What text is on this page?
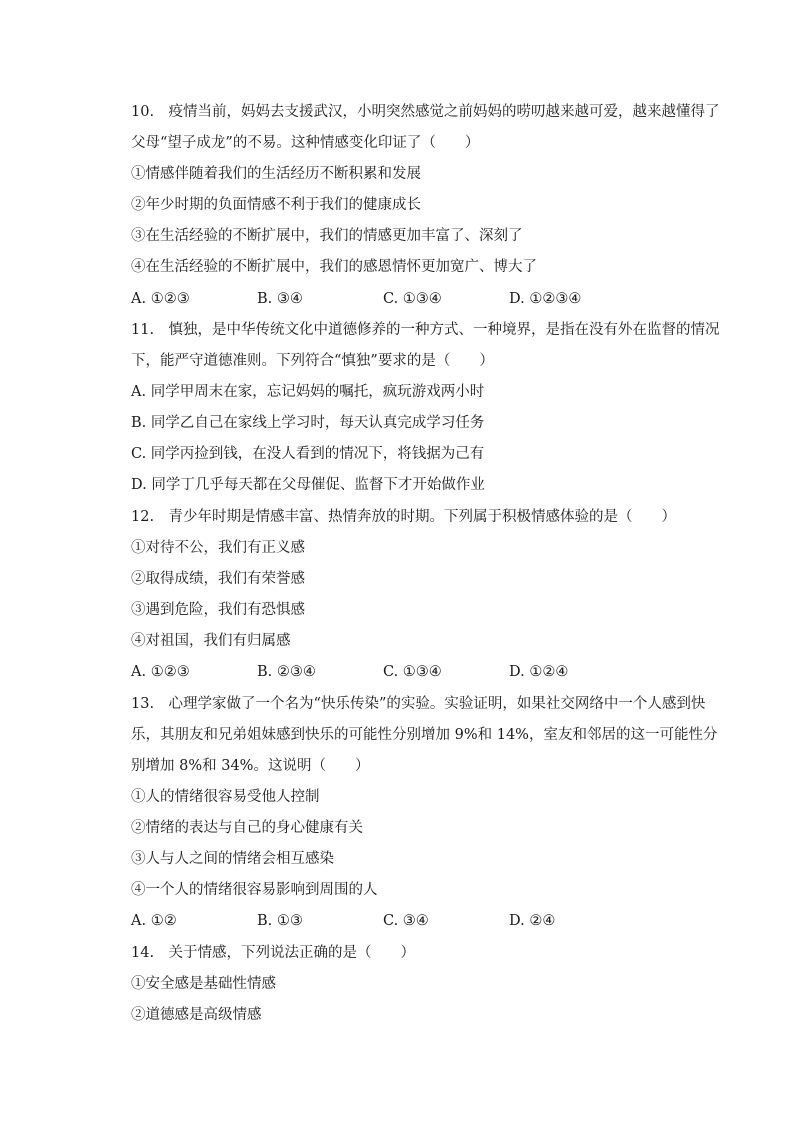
10.　疫情当前，妈妈去支援武汉，小明突然感觉之前妈妈的唠叨越来越可爱，越来越懂得了
父母“望子成龙”的不易。这种情感变化印证了（　　）
①情感伴随着我们的生活经历不断积累和发展
②年少时期的负面情感不利于我们的健康成长
③在生活经验的不断扩展中，我们的情感更加丰富了、深刻了
④在生活经验的不断扩展中，我们的感恩情怀更加宽广、博大了
A. ①②③	B. ③④	C. ①③④	D. ①②③④
11.　慎独，是中华传统文化中道德修养的一种方式、一种境界，是指在没有外在监督的情况
下，能严守道德准则。下列符合“慎独”要求的是（　　）
A. 同学甲周末在家，忘记妈妈的嘱托，疯玩游戏两小时
B. 同学乙自己在家线上学习时，每天认真完成学习任务
C. 同学丙捡到钱，在没人看到的情况下，将钱据为己有
D. 同学丁几乎每天都在父母催促、监督下才开始做作业
12.　青少年时期是情感丰富、热情奔放的时期。下列属于积极情感体验的是（　　）
①对待不公，我们有正义感
②取得成绩，我们有荣誉感
③遇到危险，我们有恐惧感
④对祖国，我们有归属感
A. ①②③	B. ②③④	C. ①③④	D. ①②④
13.　心理学家做了一个名为“快乐传染”的实验。实验证明，如果社交网络中一个人感到快
乐，其朋友和兄弟姐妹感到快乐的可能性分别增加 9%和 14%，室友和邻居的这一可能性分
别增加 8%和 34%。这说明（　　）
①人的情绪很容易受他人控制
②情绪的表达与自己的身心健康有关
③人与人之间的情绪会相互感染
④一个人的情绪很容易影响到周围的人
A. ①②	B. ①③	C. ③④	D. ②④
14.　关于情感，下列说法正确的是（　　）
①安全感是基础性情感
②道德感是高级情感
